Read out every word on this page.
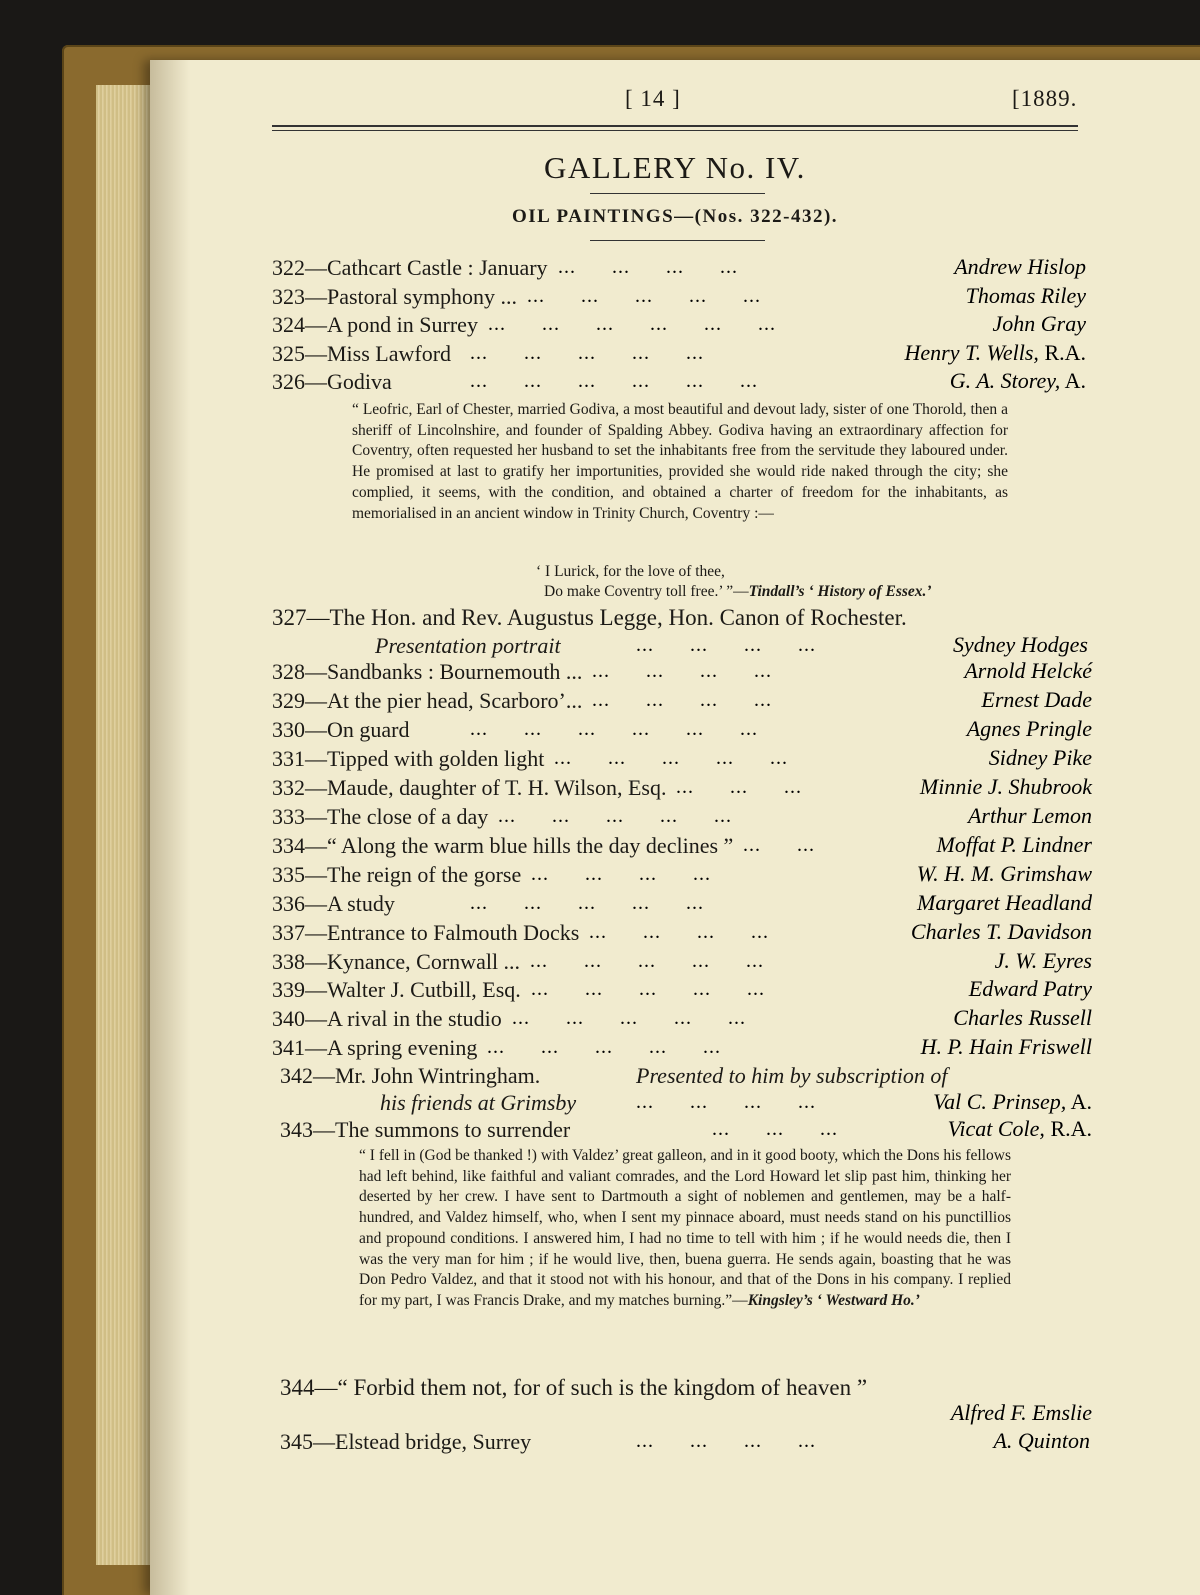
[ 14 ]	[1889.
GALLERY No. IV.
OIL PAINTINGS—(Nos. 322-432).
322—Cathcart Castle : January ...      ...      ...      ...	Andrew Hislop
323—Pastoral symphony ... ...      ...      ...      ...      ...	Thomas Riley
324—A pond in Surrey ...      ...      ...      ...      ...      ...	John Gray
325—Miss Lawford ...      ...      ...      ...      ...	Henry T. Wells, R.A.
326—Godiva	...      ...      ...      ...      ...      ...	G. A. Storey, A.

“ Leofric, Earl of Chester, married Godiva, a most beautiful and devout lady, sister of one Thorold, then a sheriff of Lincolnshire, and founder of Spalding Abbey. Godiva having an extraordinary affection for Coventry, often requested her husband to set the inhabitants free from the servitude they laboured under. He promised at last to gratify her importunities, provided she would ride naked through the city; she complied, it seems, with the condition, and obtained a charter of freedom for the inhabitants, as memorialised in an ancient window in Trinity Church, Coventry :—

‘ I Lurick, for the love of thee,
Do make Coventry toll free.’ ”—Tindall’s ‘ History of Essex.’
327—The Hon. and Rev. Augustus Legge, Hon. Canon of Rochester.
Presentation portrait	... ... ... ...	Sydney Hodges
328—Sandbanks : Bournemouth ... ...      ...      ...      ...	Arnold Helcké
329—At the pier head, Scarboro’... ...      ...      ...      ...	Ernest Dade
330—On guard	...      ...      ...      ...      ...      ...	Agnes Pringle
331—Tipped with golden light ...      ...      ...      ...      ...	Sidney Pike
332—Maude, daughter of T. H. Wilson, Esq. ...      ...      ...	Minnie J. Shubrook
333—The close of a day ...      ...      ...      ...      ...	Arthur Lemon
334—“ Along the warm blue hills the day declines ” ...      ...	Moffat P. Lindner
335—The reign of the gorse ...      ...      ...      ...	W. H. M. Grimshaw
336—A study	...      ...      ...      ...      ...	Margaret Headland
337—Entrance to Falmouth Docks ...      ...      ...      ...	Charles T. Davidson
338—Kynance, Cornwall ... ...      ...      ...      ...      ...	J. W. Eyres
339—Walter J. Cutbill, Esq. ...      ...      ...      ...      ...	Edward Patry
340—A rival in the studio ...      ...      ...      ...      ...	Charles Russell
341—A spring evening ...      ...      ...      ...      ...	H. P. Hain Friswell
342—Mr. John Wintringham.	Presented to him by subscription of
his friends at Grimsby	... ... ... ...	Val C. Prinsep, A.
343—The summons to surrender	... ... ...	Vicat Cole, R.A.

“ I fell in (God be thanked !) with Valdez’ great galleon, and in it good booty, which the Dons his fellows had left behind, like faithful and valiant comrades, and the Lord Howard let slip past him, thinking her deserted by her crew. I have sent to Dartmouth a sight of noblemen and gentlemen, may be a half-hundred, and Valdez himself, who, when I sent my pinnace aboard, must needs stand on his punctillios and propound conditions. I answered him, I had no time to tell with him ; if he would needs die, then I was the very man for him ; if he would live, then, buena guerra. He sends again, boasting that he was Don Pedro Valdez, and that it stood not with his honour, and that of the Dons in his company. I replied for my part, I was Francis Drake, and my matches burning.”—Kingsley’s ‘ Westward Ho.’

344—“ Forbid them not, for of such is the kingdom of heaven ”
Alfred F. Emslie
345—Elstead bridge, Surrey	... ... ... ...	A. Quinton
